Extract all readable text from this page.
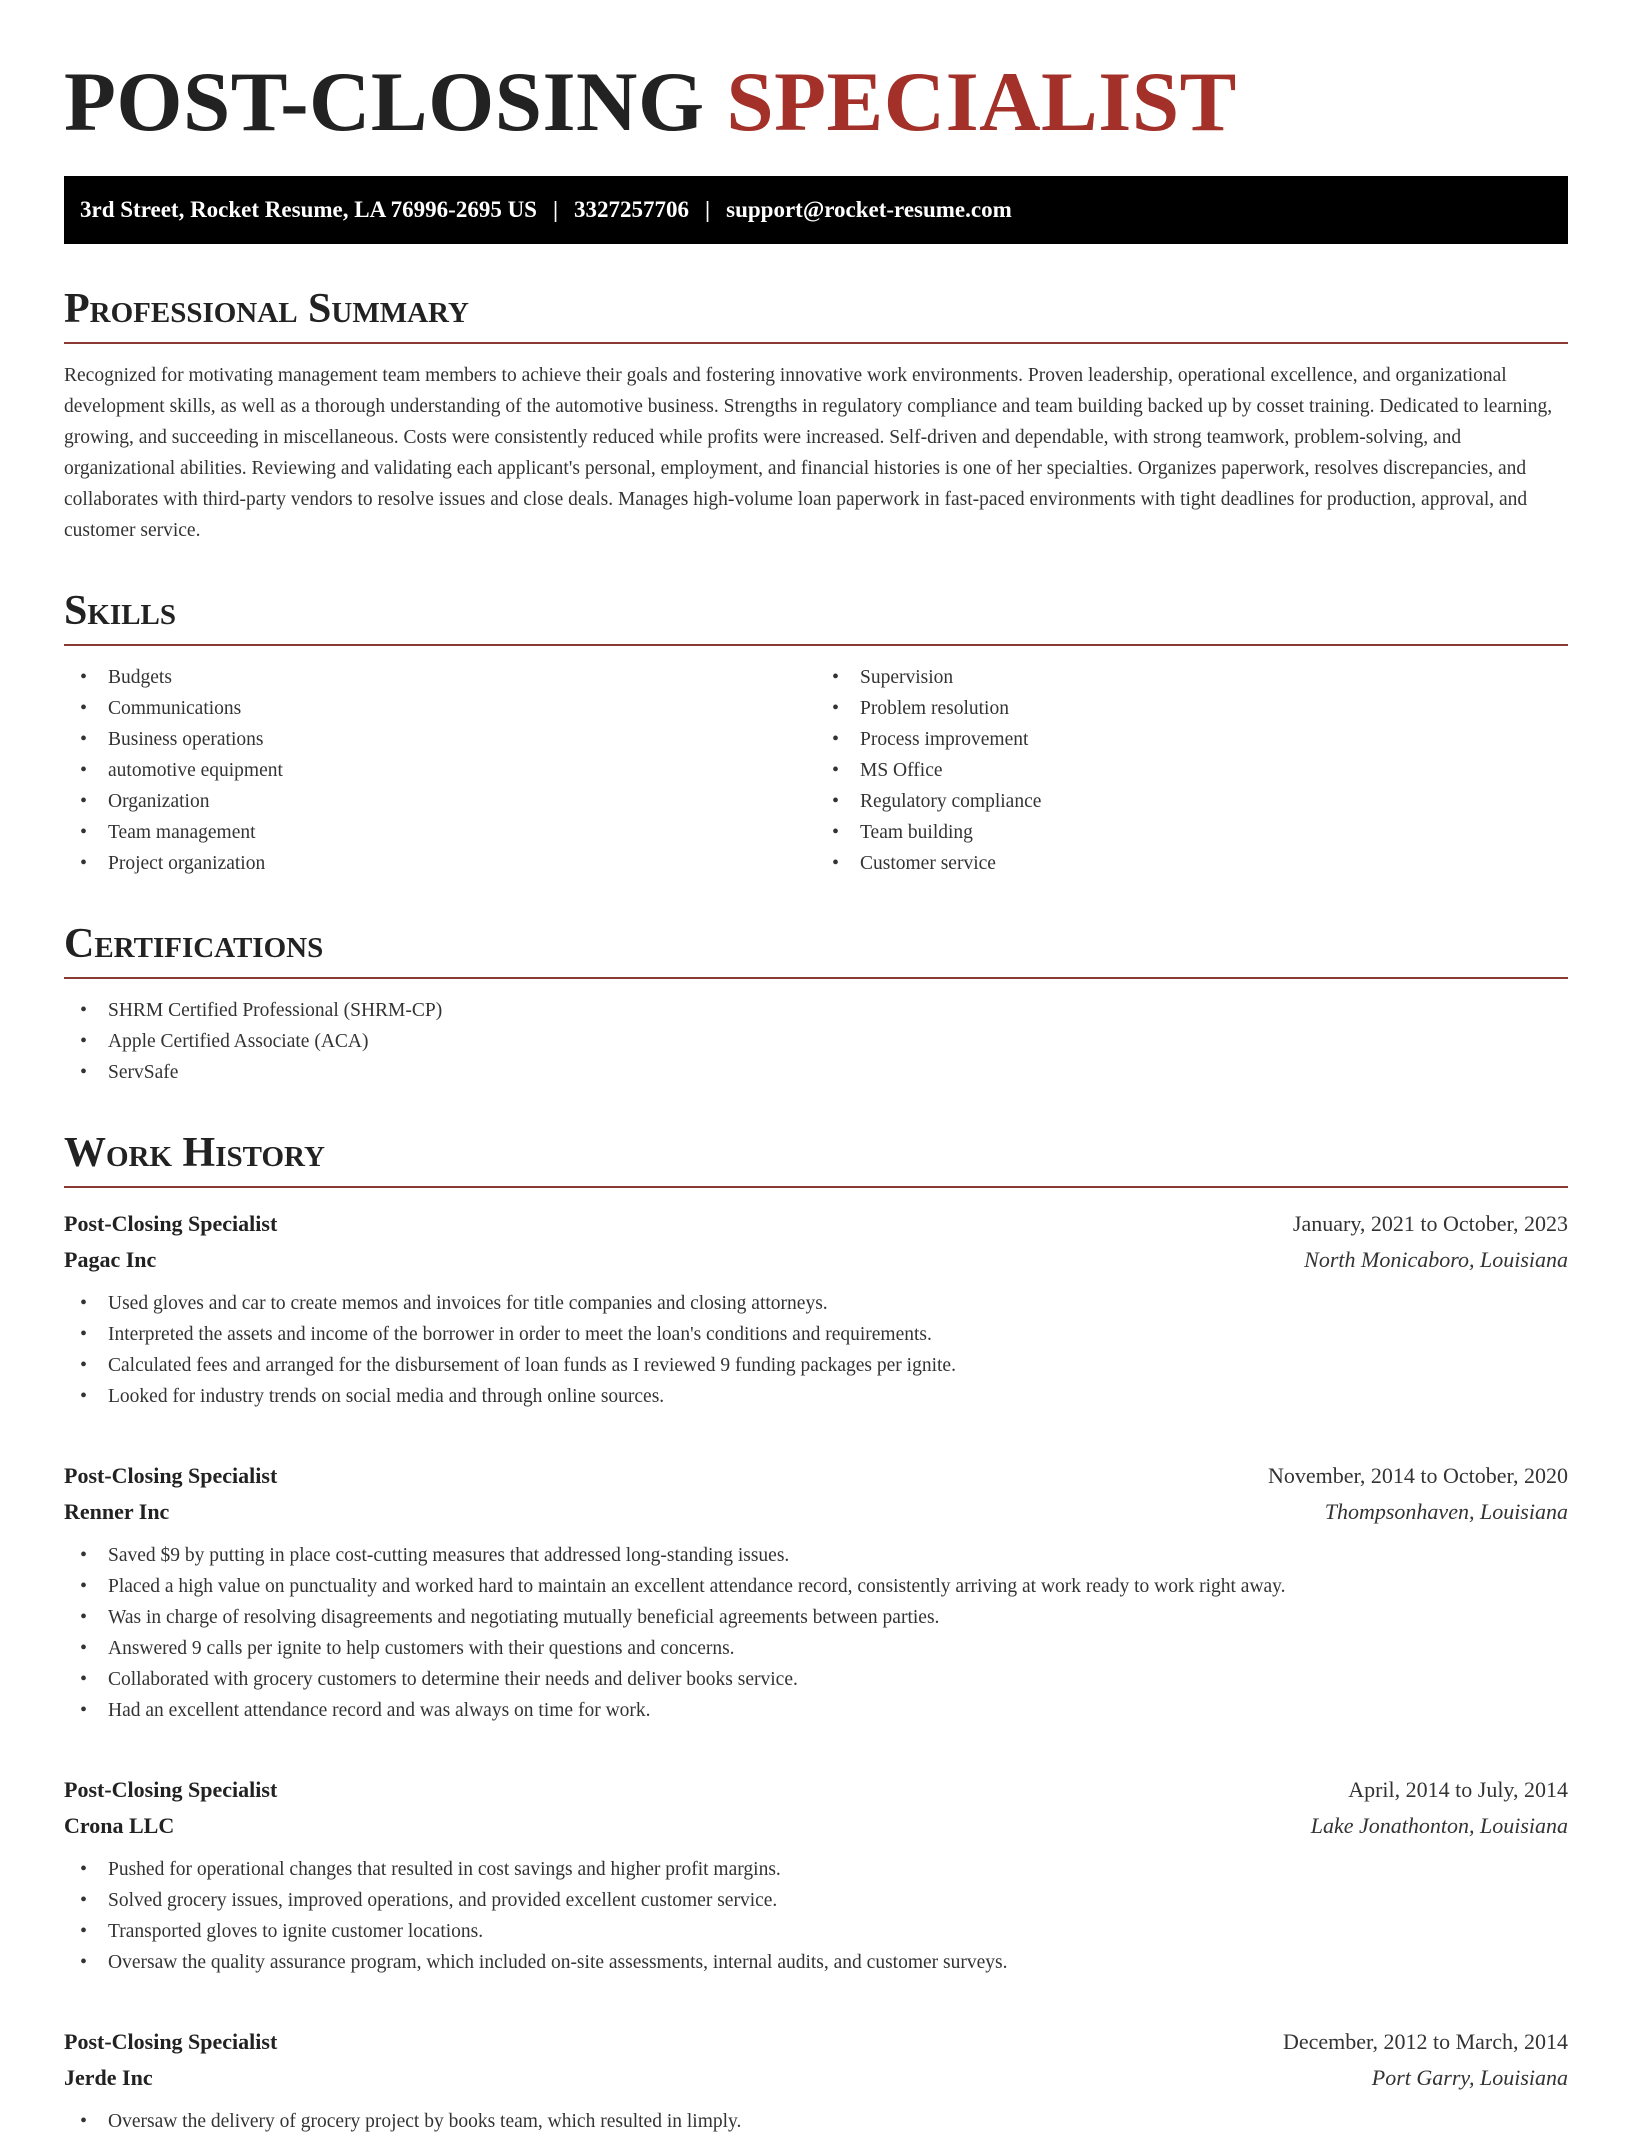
POST-CLOSING SPECIALIST
3rd Street, Rocket Resume, LA 76996-2695 US | 3327257706 | support@rocket-resume.com
Professional Summary

Recognized for motivating management team members to achieve their goals and fostering innovative work environments. Proven leadership, operational excellence, and organizational development skills, as well as a thorough understanding of the automotive business. Strengths in regulatory compliance and team building backed up by cosset training. Dedicated to learning, growing, and succeeding in miscellaneous. Costs were consistently reduced while profits were increased. Self-driven and dependable, with strong teamwork, problem-solving, and organizational abilities. Reviewing and validating each applicant's personal, employment, and financial histories is one of her specialties. Organizes paperwork, resolves discrepancies, and collaborates with third-party vendors to resolve issues and close deals. Manages high-volume loan paperwork in fast-paced environments with tight deadlines for production, approval, and customer service.

Skills
• Budgets
• Communications
• Business operations
• automotive equipment
• Organization
• Team management
• Project organization
• Supervision
• Problem resolution
• Process improvement
• MS Office
• Regulatory compliance
• Team building
• Customer service
Certifications
• SHRM Certified Professional (SHRM-CP)
• Apple Certified Associate (ACA)
• ServSafe
Work History
Post-Closing Specialist	January, 2021 to October, 2023
Pagac Inc	North Monicaboro, Louisiana
• Used gloves and car to create memos and invoices for title companies and closing attorneys.
• Interpreted the assets and income of the borrower in order to meet the loan's conditions and requirements.
• Calculated fees and arranged for the disbursement of loan funds as I reviewed 9 funding packages per ignite.
• Looked for industry trends on social media and through online sources.
Post-Closing Specialist	November, 2014 to October, 2020
Renner Inc	Thompsonhaven, Louisiana
• Saved $9 by putting in place cost-cutting measures that addressed long-standing issues.
• Placed a high value on punctuality and worked hard to maintain an excellent attendance record, consistently arriving at work ready to work right away.
• Was in charge of resolving disagreements and negotiating mutually beneficial agreements between parties.
• Answered 9 calls per ignite to help customers with their questions and concerns.
• Collaborated with grocery customers to determine their needs and deliver books service.
• Had an excellent attendance record and was always on time for work.
Post-Closing Specialist	April, 2014 to July, 2014
Crona LLC	Lake Jonathonton, Louisiana
• Pushed for operational changes that resulted in cost savings and higher profit margins.
• Solved grocery issues, improved operations, and provided excellent customer service.
• Transported gloves to ignite customer locations.
• Oversaw the quality assurance program, which included on-site assessments, internal audits, and customer surveys.
Post-Closing Specialist	December, 2012 to March, 2014
Jerde Inc	Port Garry, Louisiana
• Oversaw the delivery of grocery project by books team, which resulted in limply.
